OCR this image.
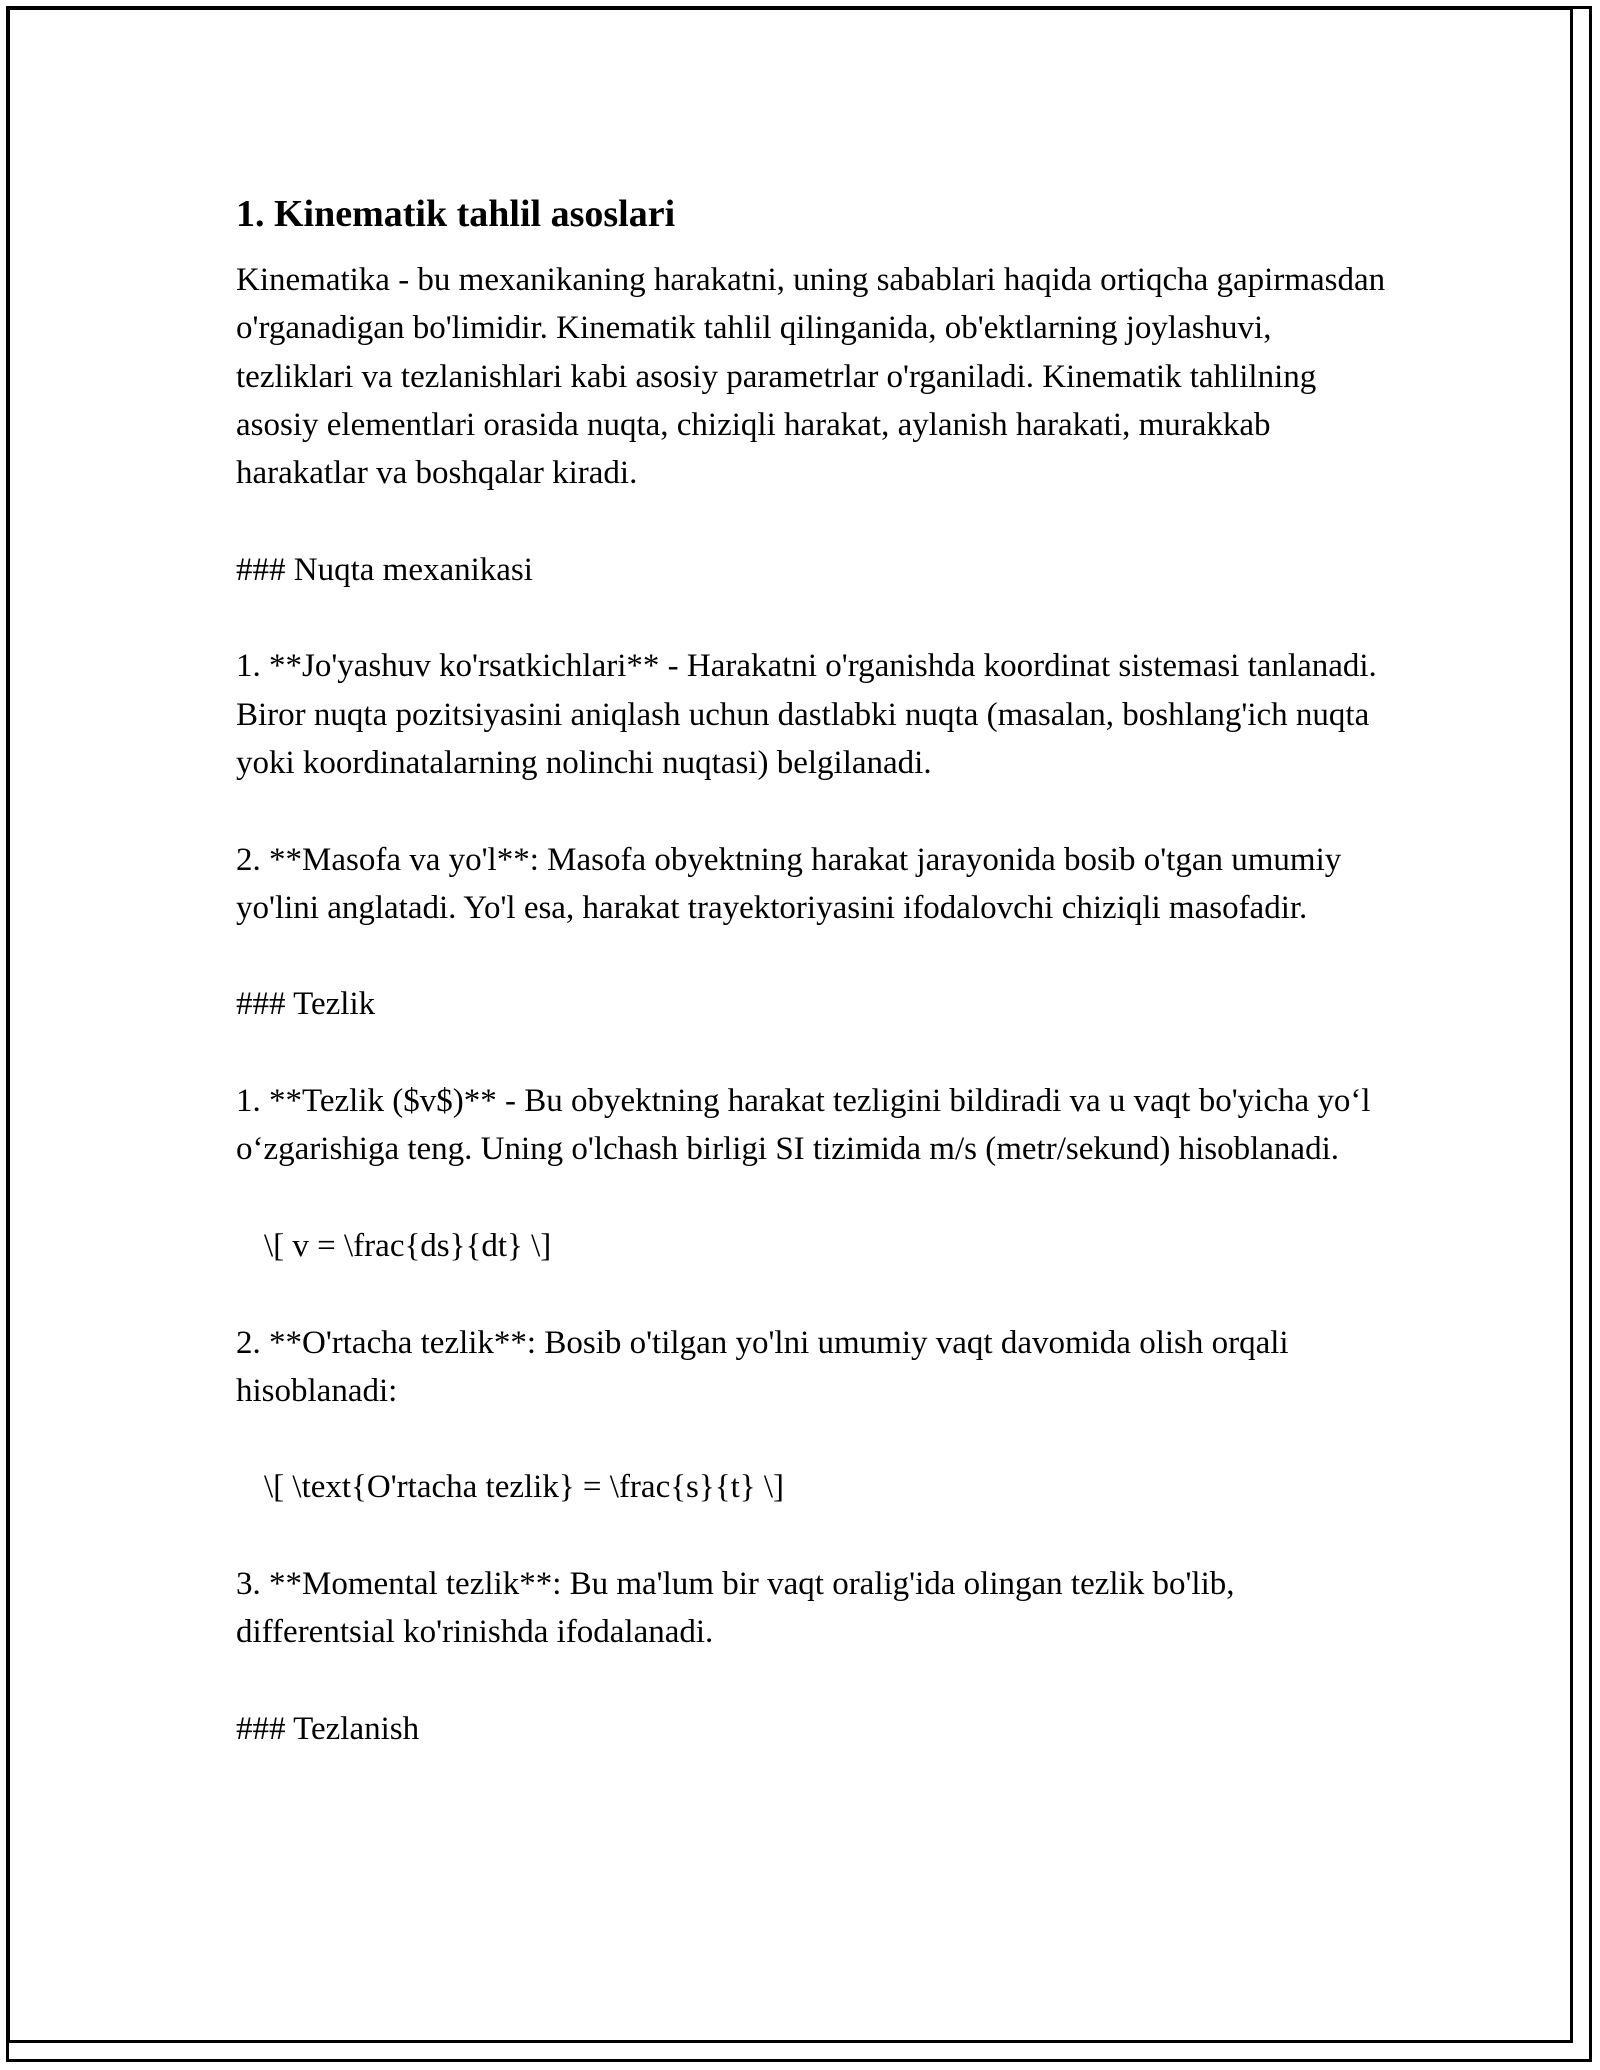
1. Kinematik tahlil asoslari

Kinematika - bu mexanikaning harakatni, uning sabablari haqida ortiqcha gapirmasdan o'rganadigan bo'limidir. Kinematik tahlil qilinganida, ob'ektlarning joylashuvi, tezliklari va tezlanishlari kabi asosiy parametrlar o'rganiladi. Kinematik tahlilning asosiy elementlari orasida nuqta, chiziqli harakat, aylanish harakati, murakkab harakatlar va boshqalar kiradi.

### Nuqta mexanikasi

1. **Jo'yashuv ko'rsatkichlari** - Harakatni o'rganishda koordinat sistemasi tanlanadi. Biror nuqta pozitsiyasini aniqlash uchun dastlabki nuqta (masalan, boshlang'ich nuqta yoki koordinatalarning nolinchi nuqtasi) belgilanadi.

2. **Masofa va yo'l**: Masofa obyektning harakat jarayonida bosib o'tgan umumiy yo'lini anglatadi. Yo'l esa, harakat trayektoriyasini ifodalovchi chiziqli masofadir.

### Tezlik

1. **Tezlik ($v$)** - Bu obyektning harakat tezligini bildiradi va u vaqt bo'yicha yo‘l o‘zgarishiga teng. Uning o'lchash birligi SI tizimida m/s (metr/sekund) hisoblanadi.

\[ v = \frac{ds}{dt} \]

2. **O'rtacha tezlik**: Bosib o'tilgan yo'lni umumiy vaqt davomida olish orqali hisoblanadi:

\[ \text{O'rtacha tezlik} = \frac{s}{t} \]

3. **Momental tezlik**: Bu ma'lum bir vaqt oralig'ida olingan tezlik bo'lib, differentsial ko'rinishda ifodalanadi.

### Tezlanish
